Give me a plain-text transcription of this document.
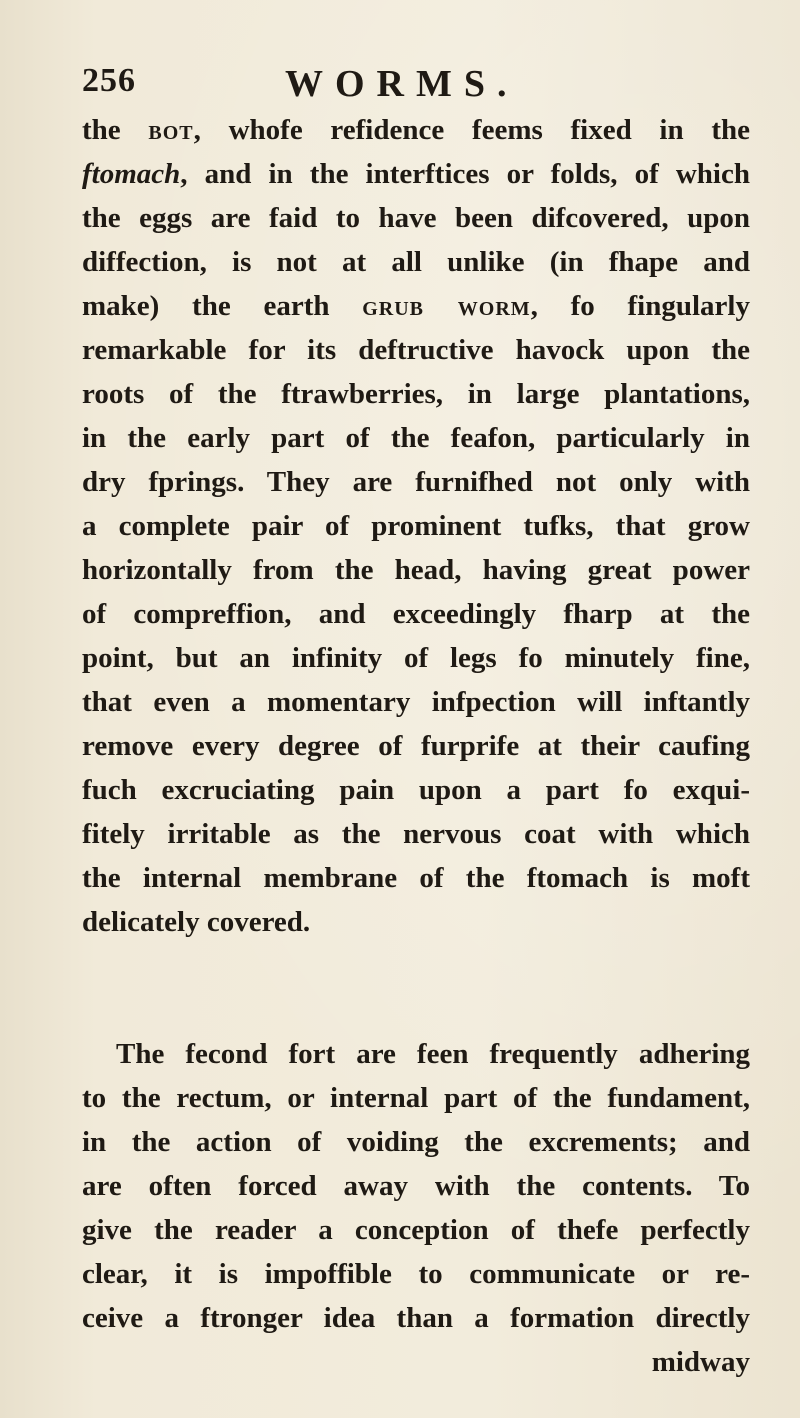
256	WORMS.
the bot, whofe refidence feems fixed in the
ftomach, and in the interftices or folds, of which
the eggs are faid to have been difcovered, upon
diffection, is not at all unlike (in fhape and
make) the earth grub worm, fo fingularly
remarkable for its deftructive havock upon the
roots of the ftrawberries, in large plantations,
in the early part of the feafon, particularly in
dry fprings. They are furnifhed not only with
a complete pair of prominent tufks, that grow
horizontally from the head, having great power
of compreffion, and exceedingly fharp at the
point, but an infinity of legs fo minutely fine,
that even a momentary infpection will inftantly
remove every degree of furprife at their caufing
fuch excruciating pain upon a part fo exqui-
fitely irritable as the nervous coat with which
the internal membrane of the ftomach is moft
delicately covered.
The fecond fort are feen frequently adhering
to the rectum, or internal part of the fundament,
in the action of voiding the excrements; and
are often forced away with the contents. To
give the reader a conception of thefe perfectly
clear, it is impoffible to communicate or re-
ceive a ftronger idea than a formation directly
midway
